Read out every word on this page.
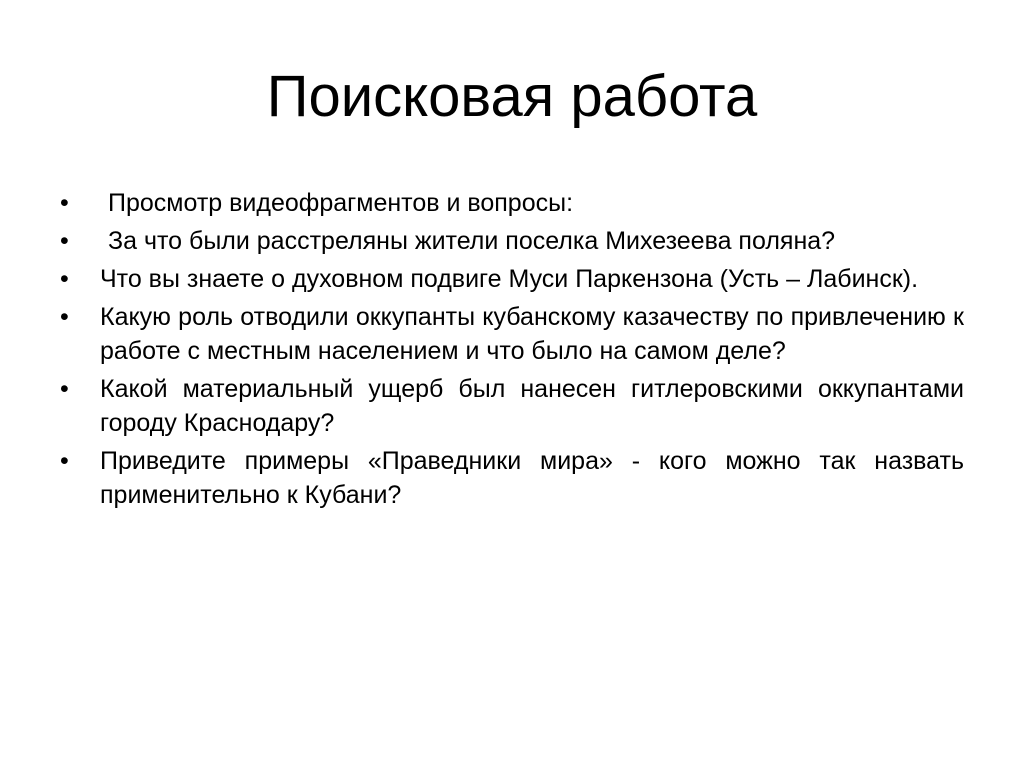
Поисковая работа
•	Просмотр видеофрагментов и вопросы:
•	За что были расстреляны жители поселка Михезеева поляна?
•	Что вы знаете о духовном подвиге Муси Паркензона (Усть – Лабинск).
•	Какую роль отводили оккупанты кубанскому казачеству по привлечению к работе с местным населением и что было на самом деле?
•	Какой материальный ущерб был нанесен гитлеровскими оккупантами городу Краснодару?
•	Приведите примеры «Праведники мира» - кого можно так назвать применительно к Кубани?
